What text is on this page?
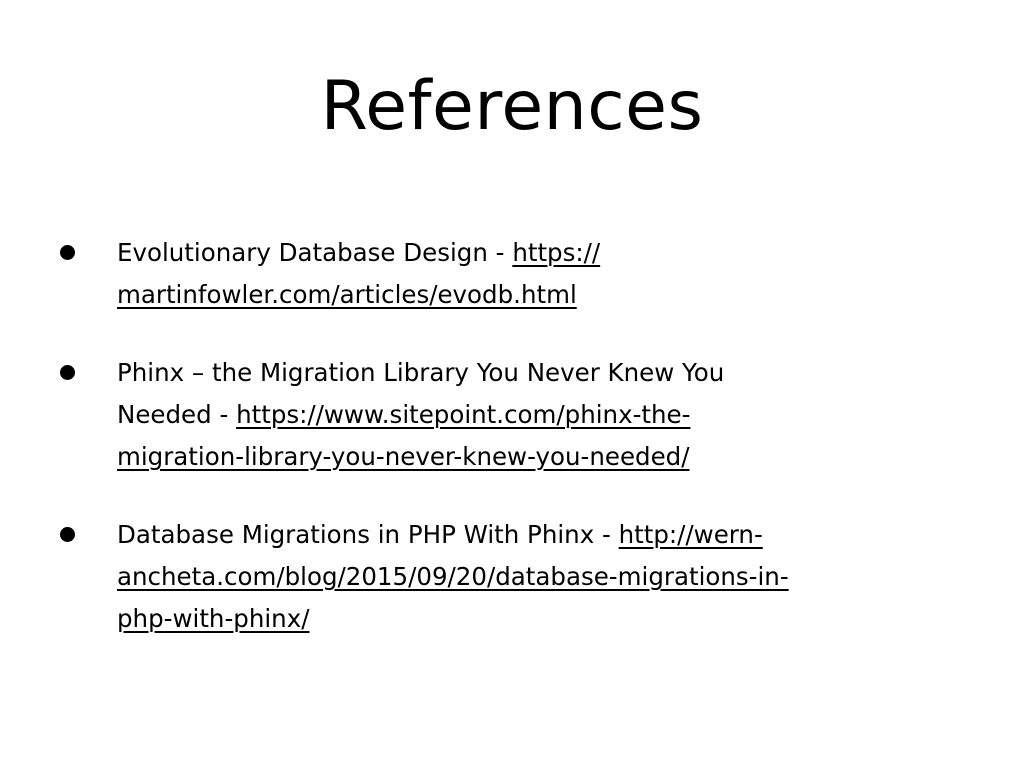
References
Evolutionary Database Design - https://
martinfowler.com/articles/evodb.html
Phinx – the Migration Library You Never Knew You
Needed - https://www.sitepoint.com/phinx-the-
migration-library-you-never-knew-you-needed/
Database Migrations in PHP With Phinx - http://wern-
ancheta.com/blog/2015/09/20/database-migrations-in-
php-with-phinx/
